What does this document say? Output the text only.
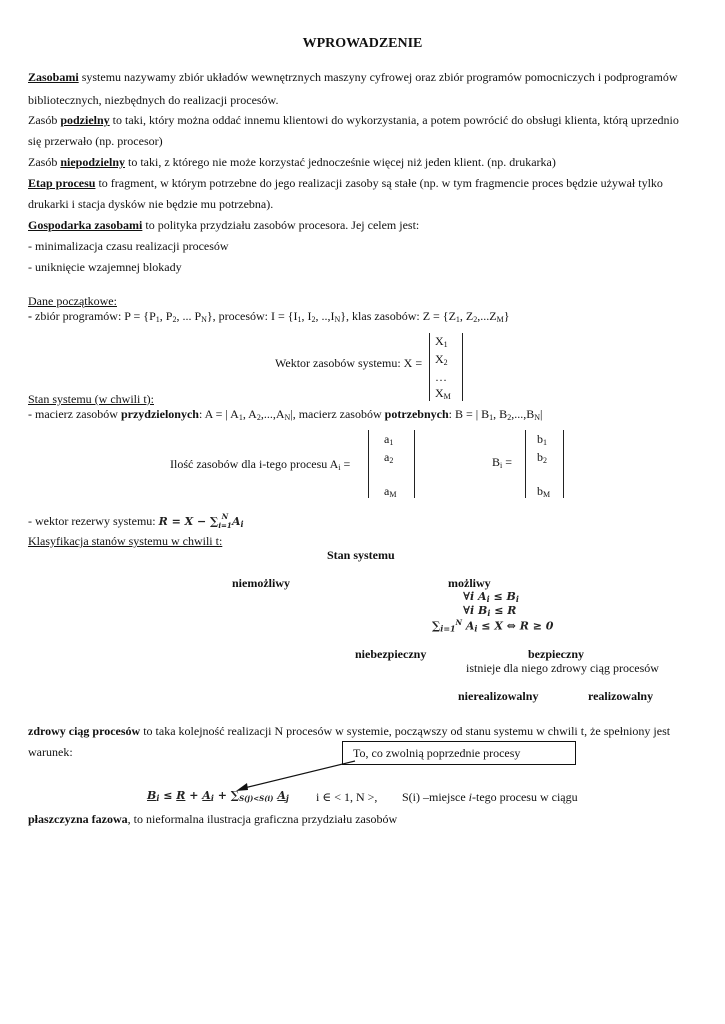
WPROWADZENIE
Zasobami systemu nazywamy zbiór układów wewnętrznych maszyny cyfrowej oraz zbiór programów pomocniczych i podprogramów
bibliotecznych, niezbędnych do realizacji procesów.
Zasób podzielny to taki, który można oddać innemu klientowi do wykorzystania, a potem powrócić do obsługi klienta, którą uprzednio
się przerwało (np. procesor)
Zasób niepodzielny to taki, z którego nie może korzystać jednocześnie więcej niż jeden klient. (np. drukarka)
Etap procesu to fragment, w którym potrzebne do jego realizacji zasoby są stałe (np. w tym fragmencie proces będzie używał tylko
drukarki i stacja dysków nie będzie mu potrzebna).
Gospodarka zasobami to polityka przydziału zasobów procesora. Jej celem jest:
- minimalizacja czasu realizacji procesów
- uniknięcie wzajemnej blokady
Dane początkowe:
- zbiór programów: $P = \{P_1$, $P_2$, ... $P_N$}, procesów: $I = \{I_1$, $I_2$, $..,I_N$}, klas zasobów: $Z = \{Z_1$, $Z_2,...Z_M$}
Wektor zasobów systemu: X =
$X_1$
$X_2$
…
$X_M$
Stan systemu (w chwili t):
- macierz zasobów przydzielonych: A = | $A_1$, $A_2,...,A_N|$, macierz zasobów potrzebnych: B = | $B_1$, $B_2,...,B_N|$
Ilość zasobów dla i-tego procesu $A_i$ =
$a_1$
$a_2$
$a_M$
$B_i$ =
$b_1$
$b_2$
$b_M$
- wektor rezerwy systemu: $R = X - \sum_{i=1}^N$ $A_i$
Klasyfikacja stanów systemu w chwili t:
Stan systemu
niemożliwy	możliwy
∀i $A_i \le B_i$
∀i $B_i \le R$
$\sum_{i=1}^N$ $A_i \le X$ ⇔ R ≥ 0
niebezpieczny	bezpieczny
istnieje dla niego zdrowy ciąg procesów
nierealizowalny	realizowalny
zdrowy ciąg procesów to taka kolejność realizacji N procesów w systemie, począwszy od stanu systemu w chwili t, że spełniony jest
warunek:	To, co zwolnią poprzednie procesy
$B_i \le R + A_i + \sum_{S(j)<S(i)}$ $A_j$ i ∈ < 1, N >, S(i) –miejsce i-tego procesu w ciągu
płaszczyzna fazowa, to nieformalna ilustracja graficzna przydziału zasobów
